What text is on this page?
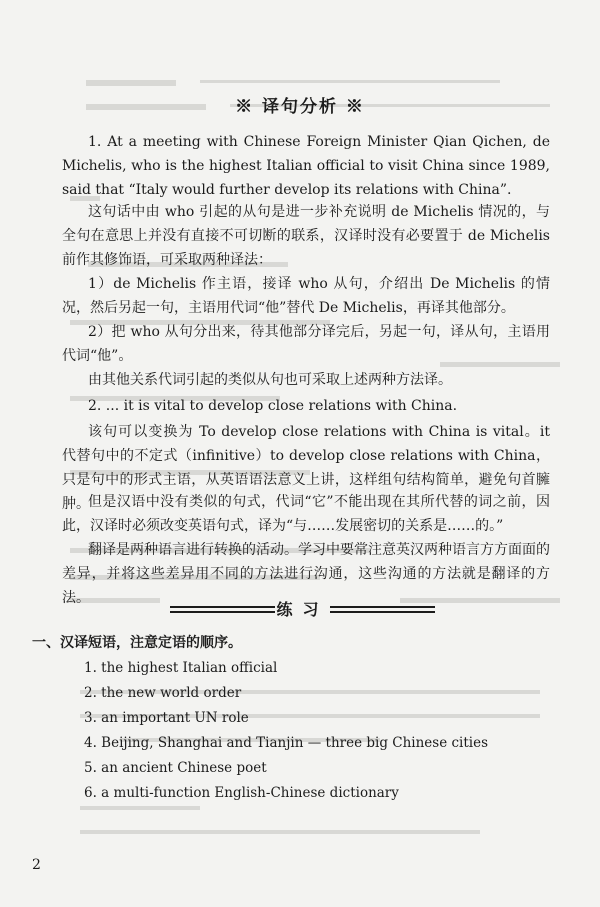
※ 译句分析 ※
1. At a meeting with Chinese Foreign Minister Qian Qichen, de Michelis, who is the highest Italian official to visit China since 1989, said that “Italy would further develop its relations with China”.
这句话中由 who 引起的从句是进一步补充说明 de Michelis 情况的，与全句在意思上并没有直接不可切断的联系，汉译时没有必要置于 de Michelis 前作其修饰语，可采取两种译法：
1）de Michelis 作主语，接译 who 从句，介绍出 De Michelis 的情况，然后另起一句，主语用代词“他”替代 De Michelis，再译其他部分。
2）把 who 从句分出来，待其他部分译完后，另起一句，译从句，主语用代词“他”。
由其他关系代词引起的类似从句也可采取上述两种方法译。
2. ... it is vital to develop close relations with China.
该句可以变换为 To develop close relations with China is vital。it 代替句中的不定式（infinitive）to develop close relations with China，只是句中的形式主语，从英语语法意义上讲，这样组句结构简单，避免句首臃肿。
但是汉语中没有类似的句式，代词“它”不能出现在其所代替的词之前，因此，汉译时必须改变英语句式，译为“与……发展密切的关系是……的。”
翻译是两种语言进行转换的活动。学习中要常注意英汉两种语言方方面面的差异，并将这些差异用不同的方法进行沟通，这些沟通的方法就是翻译的方法。
练习
一、汉译短语，注意定语的顺序。
1. the highest Italian official
2. the new world order
3. an important UN role
4. Beijing, Shanghai and Tianjin — three big Chinese cities
5. an ancient Chinese poet
6. a multi-function English-Chinese dictionary
2
